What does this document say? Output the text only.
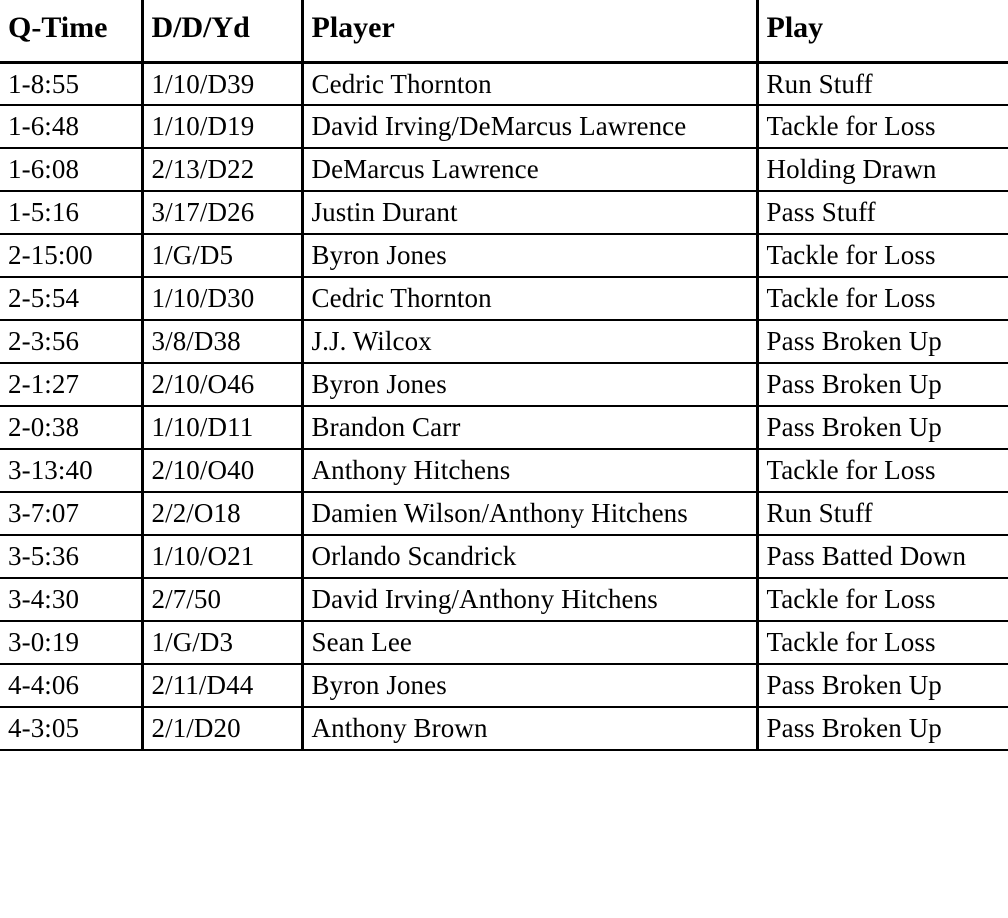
Q-Time	D/D/Yd	Player	Play
1-8:55	1/10/D39	Cedric Thornton	Run Stuff
1-6:48	1/10/D19	David Irving/DeMarcus Lawrence	Tackle for Loss
1-6:08	2/13/D22	DeMarcus Lawrence	Holding Drawn
1-5:16	3/17/D26	Justin Durant	Pass Stuff
2-15:00	1/G/D5	Byron Jones	Tackle for Loss
2-5:54	1/10/D30	Cedric Thornton	Tackle for Loss
2-3:56	3/8/D38	J.J. Wilcox	Pass Broken Up
2-1:27	2/10/O46	Byron Jones	Pass Broken Up
2-0:38	1/10/D11	Brandon Carr	Pass Broken Up
3-13:40	2/10/O40	Anthony Hitchens	Tackle for Loss
3-7:07	2/2/O18	Damien Wilson/Anthony Hitchens	Run Stuff
3-5:36	1/10/O21	Orlando Scandrick	Pass Batted Down
3-4:30	2/7/50	David Irving/Anthony Hitchens	Tackle for Loss
3-0:19	1/G/D3	Sean Lee	Tackle for Loss
4-4:06	2/11/D44	Byron Jones	Pass Broken Up
4-3:05	2/1/D20	Anthony Brown	Pass Broken Up
